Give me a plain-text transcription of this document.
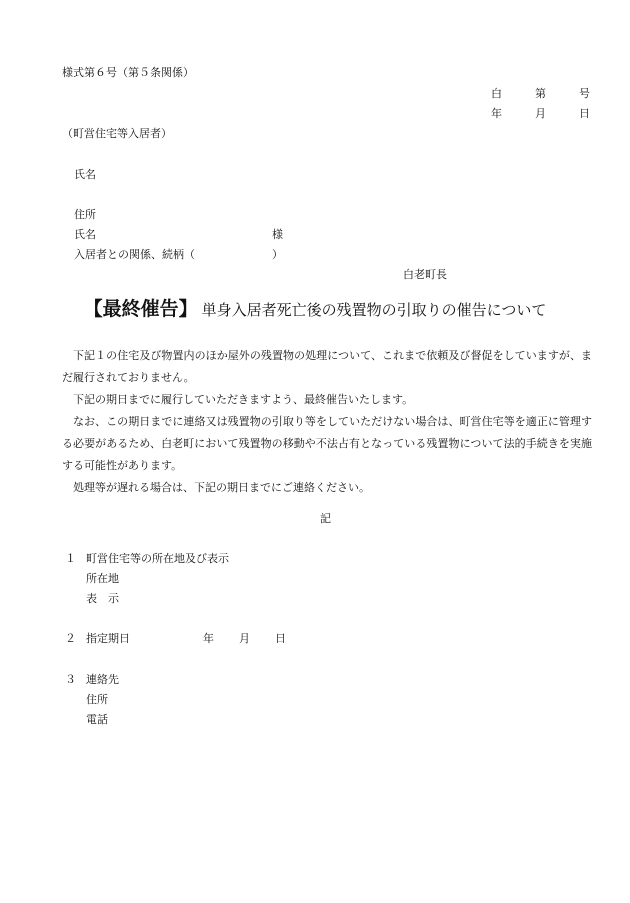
様式第６号（第５条関係）
白	第	号
年	月	日
（町営住宅等入居者）
氏名
住所
氏名	様
入居者との関係、続柄（	）
白老町長
【最終催告】 単身入居者死亡後の残置物の引取りの催告について

下記１の住宅及び物置内のほか屋外の残置物の処理について、これまで依頼及び督促をしていますが、まだ履行されておりません。

下記の期日までに履行していただきますよう、最終催告いたします。

なお、この期日までに連絡又は残置物の引取り等をしていただけない場合は、町営住宅等を適正に管理する必要があるため、白老町において残置物の移動や不法占有となっている残置物について法的手続きを実施する可能性があります。

処理等が遅れる場合は、下記の期日までにご連絡ください。

記
１ 町営住宅等の所在地及び表示
所在地
表　示
２ 指定期日	年 月 日
３ 連絡先
住所
電話
